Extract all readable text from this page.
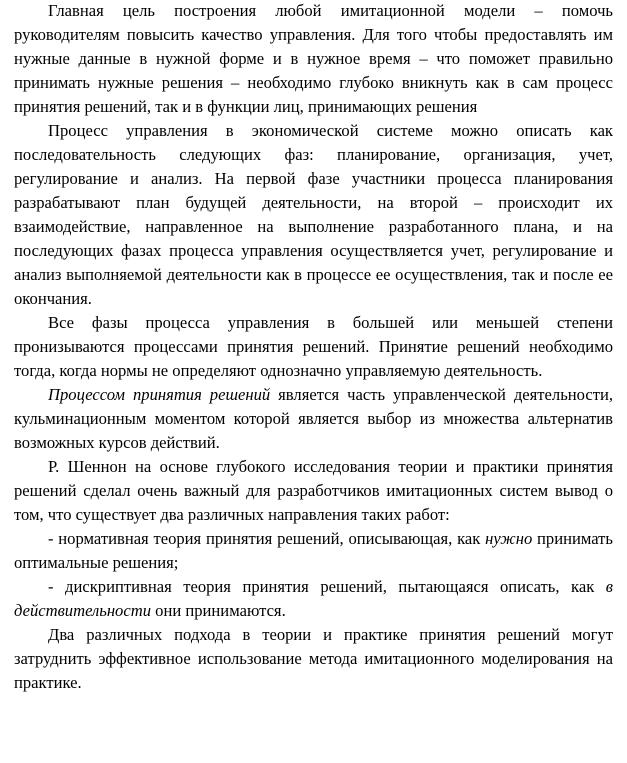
Главная цель построения любой имитационной модели – помочь руководителям повысить качество управления. Для того чтобы предоставлять им нужные данные в нужной форме и в нужное время – что поможет правильно принимать нужные решения – необходимо глубоко вникнуть как в сам процесс принятия решений, так и в функции лиц, принимающих решения

Процесс управления в экономической системе можно описать как последовательность следующих фаз: планирование, организация, учет, регулирование и анализ. На первой фазе участники процесса планирования разрабатывают план будущей деятельности, на второй – происходит их взаимодействие, направленное на выполнение разработанного плана, и на последующих фазах процесса управления осуществляется учет, регулирование и анализ выполняемой деятельности как в процессе ее осуществления, так и после ее окончания.

Все фазы процесса управления в большей или меньшей степени пронизываются процессами принятия решений. Принятие решений необходимо тогда, когда нормы не определяют однозначно управляемую деятельность.

Процессом принятия решений является часть управленческой деятельности, кульминационным моментом которой является выбор из множества альтернатив возможных курсов действий.

Р. Шеннон на основе глубокого исследования теории и практики принятия решений сделал очень важный для разработчиков имитационных систем вывод о том, что существует два различных направления таких работ:

- нормативная теория принятия решений, описывающая, как нужно принимать оптимальные решения;

- дискриптивная теория принятия решений, пытающаяся описать, как в действительности они принимаются.

Два различных подхода в теории и практике принятия решений могут затруднить эффективное использование метода имитационного моделирования на практике.
